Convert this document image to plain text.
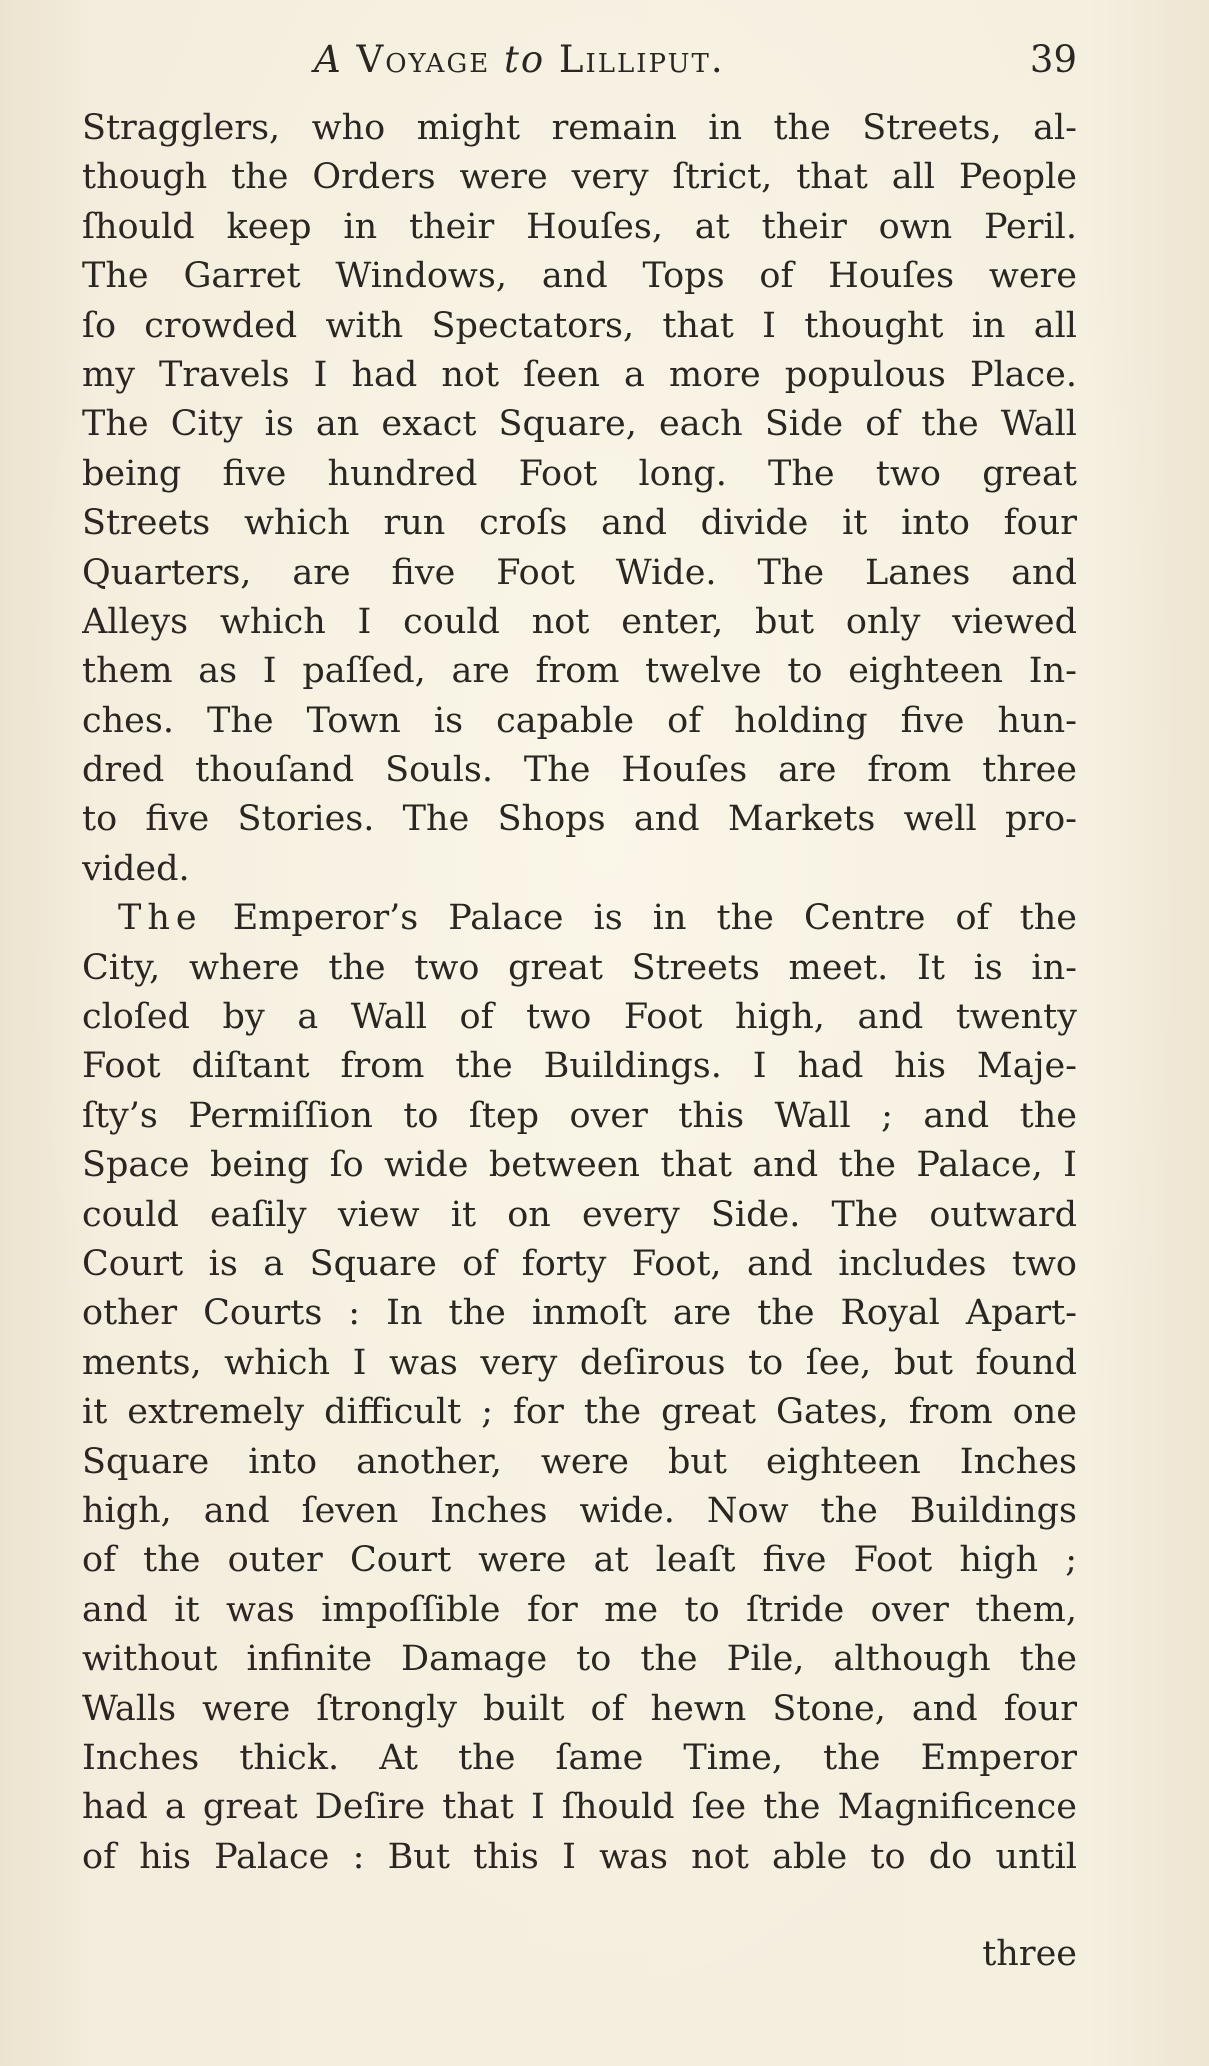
A Voyage to Lilliput.	39
Stragglers, who might remain in the Streets, al-
though the Orders were very ſtrict, that all People
ſhould keep in their Houſes, at their own Peril.
The Garret Windows, and Tops of Houſes were
ſo crowded with Spectators, that I thought in all
my Travels I had not ſeen a more populous Place.
The City is an exact Square, each Side of the Wall
being five hundred Foot long. The two great
Streets which run croſs and divide it into four
Quarters, are five Foot Wide. The Lanes and
Alleys which I could not enter, but only viewed
them as I paſſed, are from twelve to eighteen In-
ches. The Town is capable of holding five hun-
dred thouſand Souls. The Houſes are from three
to five Stories. The Shops and Markets well pro-
vided.
The Emperor’s Palace is in the Centre of the
City, where the two great Streets meet. It is in-
cloſed by a Wall of two Foot high, and twenty
Foot diſtant from the Buildings. I had his Maje-
ſty’s Permiſſion to ſtep over this Wall ; and the
Space being ſo wide between that and the Palace, I
could eaſily view it on every Side. The outward
Court is a Square of forty Foot, and includes two
other Courts : In the inmoſt are the Royal Apart-
ments, which I was very deſirous to ſee, but found
it extremely difficult ; for the great Gates, from one
Square into another, were but eighteen Inches
high, and ſeven Inches wide. Now the Buildings
of the outer Court were at leaſt five Foot high ;
and it was impoſſible for me to ſtride over them,
without infinite Damage to the Pile, although the
Walls were ſtrongly built of hewn Stone, and four
Inches thick. At the ſame Time, the Emperor
had a great Deſire that I ſhould ſee the Magnificence
of his Palace : But this I was not able to do until
three
